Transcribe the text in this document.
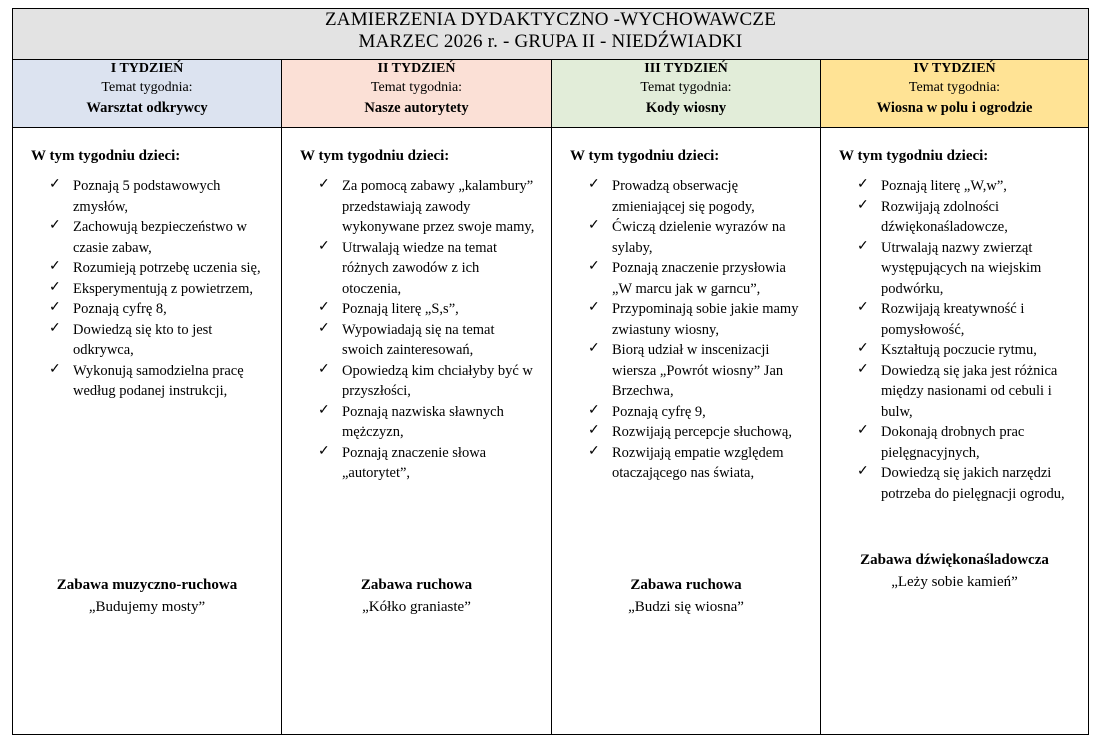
ZAMIERZENIA DYDAKTYCZNO -WYCHOWAWCZE
MARZEC 2026 r. - GRUPA II - NIEDŹWIADKI			

I TYDZIEŃ
Temat tygodnia:
Warsztat odkrywcy

II TYDZIEŃ
Temat tygodnia:
Nasze autorytety

III TYDZIEŃ
Temat tygodnia:
Kody wiosny

IV TYDZIEŃ
Temat tygodnia:
Wiosna w polu i ogrodzie

W tym tygodniu dzieci:
✓ Poznają 5 podstawowych zmysłów,
✓ Zachowują bezpieczeństwo w czasie zabaw,
✓ Rozumieją potrzebę uczenia się,
✓ Eksperymentują z powietrzem,
✓ Poznają cyfrę 8,
✓ Dowiedzą się kto to jest odkrywca,
✓ Wykonują samodzielna pracę według podanej instrukcji,
Zabawa muzyczno-ruchowa
„Budujemy mosty”

W tym tygodniu dzieci:
✓ Za pomocą zabawy „kalambury” przedstawiają zawody wykonywane przez swoje mamy,
✓ Utrwalają wiedze na temat różnych zawodów z ich otoczenia,
✓ Poznają literę „S,s”,
✓ Wypowiadają się na temat swoich zainteresowań,
✓ Opowiedzą kim chciałyby być w przyszłości,
✓ Poznają nazwiska sławnych mężczyzn,
✓ Poznają znaczenie słowa „autorytet”,
Zabawa ruchowa
„Kółko graniaste”

W tym tygodniu dzieci:
✓ Prowadzą obserwację zmieniającej się pogody,
✓ Ćwiczą dzielenie wyrazów na sylaby,
✓ Poznają znaczenie przysłowia „W marcu jak w garncu”,
✓ Przypominają sobie jakie mamy zwiastuny wiosny,
✓ Biorą udział w inscenizacji wiersza „Powrót wiosny” Jan Brzechwa,
✓ Poznają cyfrę 9,
✓ Rozwijają percepcje słuchową,
✓ Rozwijają empatie względem otaczającego nas świata,
Zabawa ruchowa
„Budzi się wiosna”

W tym tygodniu dzieci:
✓ Poznają literę „W,w”,
✓ Rozwijają zdolności dźwiękonaśladowcze,
✓ Utrwalają nazwy zwierząt występujących na wiejskim podwórku,
✓ Rozwijają kreatywność i pomysłowość,
✓ Kształtują poczucie rytmu,
✓ Dowiedzą się jaka jest różnica między nasionami od cebuli i bulw,
✓ Dokonają drobnych prac pielęgnacyjnych,
✓ Dowiedzą się jakich narzędzi potrzeba do pielęgnacji ogrodu,
Zabawa dźwiękonaśladowcza
„Leży sobie kamień”
